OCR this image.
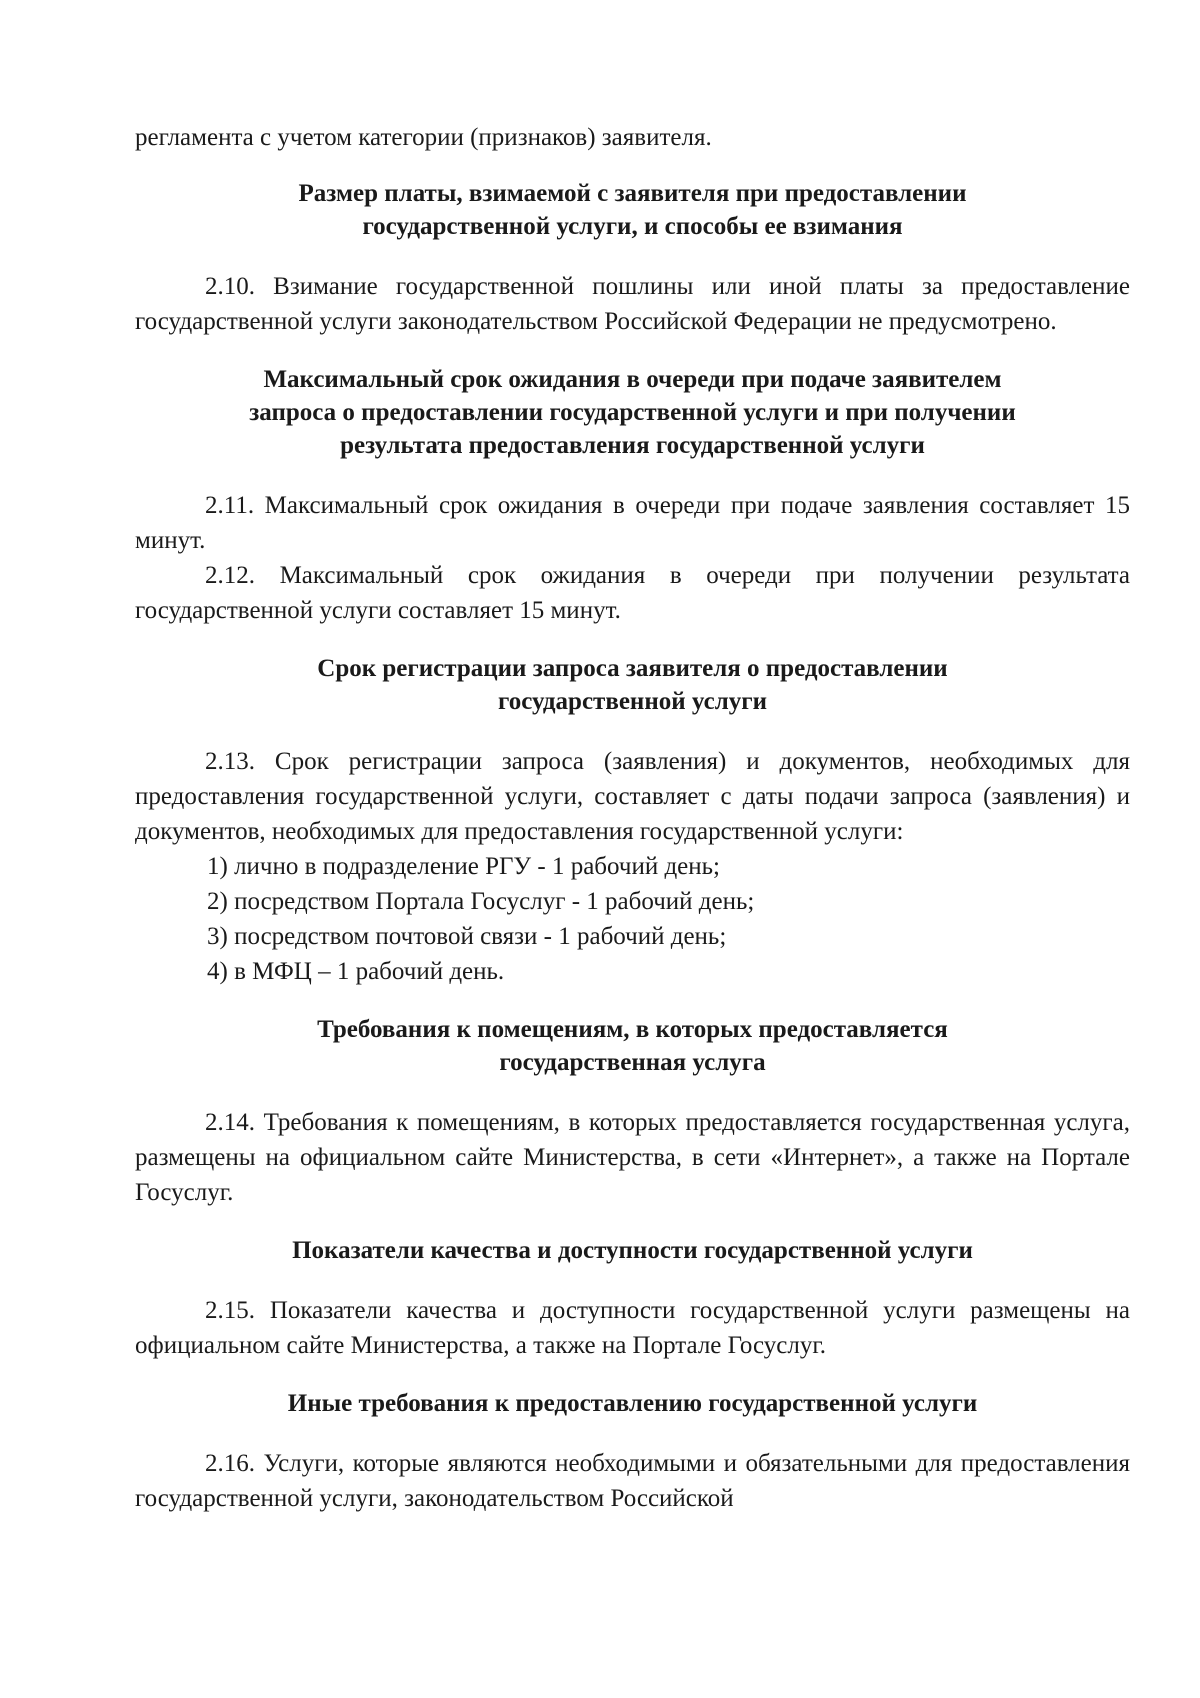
регламента с учетом категории (признаков) заявителя.

Размер платы, взимаемой с заявителя при предоставлении
государственной услуги, и способы ее взимания

2.10. Взимание государственной пошлины или иной платы за предоставление государственной услуги законодательством Российской Федерации не предусмотрено.

Максимальный срок ожидания в очереди при подаче заявителем
запроса о предоставлении государственной услуги и при получении
результата предоставления государственной услуги

2.11. Максимальный срок ожидания в очереди при подаче заявления составляет 15 минут.

2.12. Максимальный срок ожидания в очереди при получении результата государственной услуги составляет 15 минут.

Срок регистрации запроса заявителя о предоставлении
государственной услуги

2.13. Срок регистрации запроса (заявления) и документов, необходимых для предоставления государственной услуги, составляет с даты подачи запроса (заявления) и документов, необходимых для предоставления государственной услуги:

1) лично в подразделение РГУ - 1 рабочий день;

2) посредством Портала Госуслуг - 1 рабочий день;

3) посредством почтовой связи - 1 рабочий день;

4) в МФЦ – 1 рабочий день.

Требования к помещениям, в которых предоставляется
государственная услуга

2.14. Требования к помещениям, в которых предоставляется государственная услуга, размещены на официальном сайте Министерства, в сети «Интернет», а также на Портале Госуслуг.

Показатели качества и доступности государственной услуги

2.15. Показатели качества и доступности государственной услуги размещены на официальном сайте Министерства, а также на Портале Госуслуг.

Иные требования к предоставлению государственной услуги

2.16. Услуги, которые являются необходимыми и обязательными для предоставления государственной услуги, законодательством Российской
